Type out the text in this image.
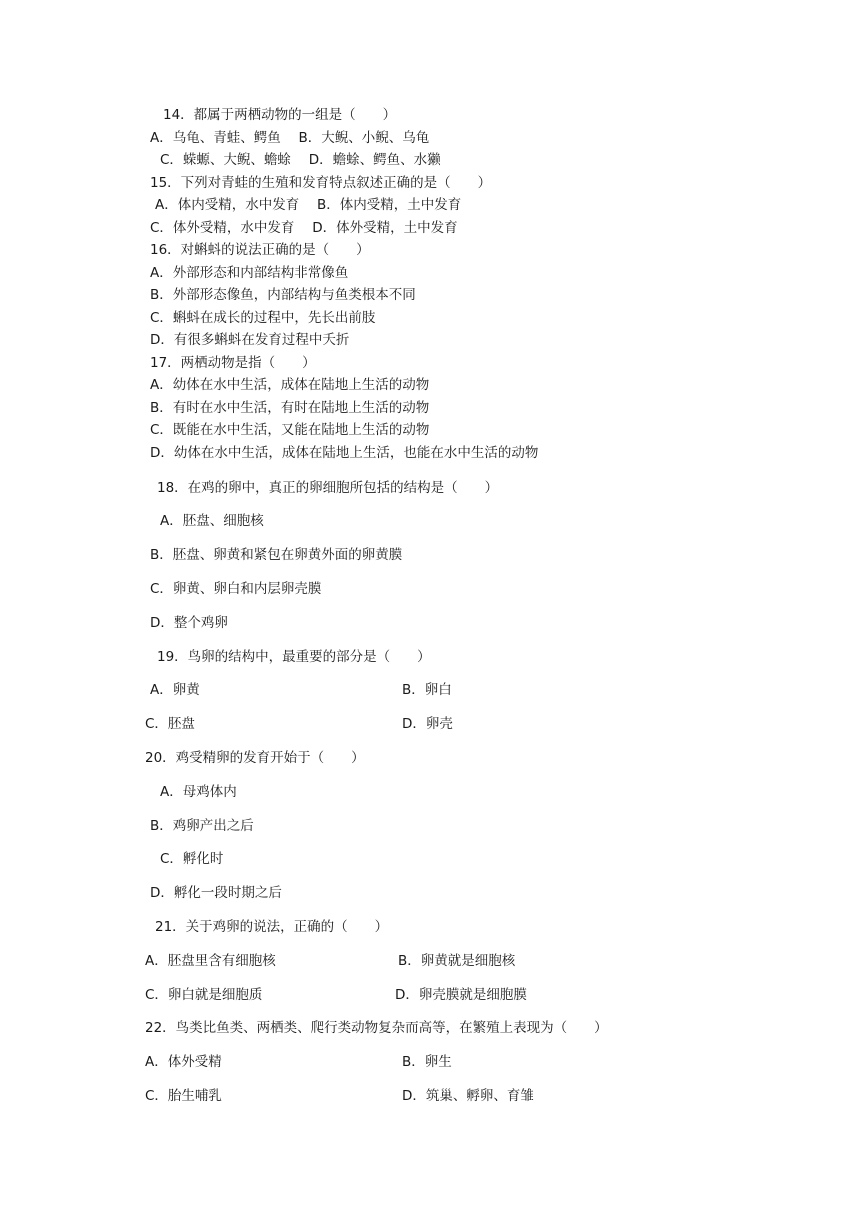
14．都属于两栖动物的一组是（　　）
A．乌龟、青蛙、鳄鱼　 B．大鲵、小鲵、乌龟
C．蝾螈、大鲵、蟾蜍　 D．蟾蜍、鳄鱼、水獭
15．下列对青蛙的生殖和发育特点叙述正确的是（　　）
A．体内受精，水中发育　 B．体内受精，土中发育
C．体外受精，水中发育　 D．体外受精，土中发育
16．对蝌蚪的说法正确的是（　　）
A．外部形态和内部结构非常像鱼
B．外部形态像鱼，内部结构与鱼类根本不同
C．蝌蚪在成长的过程中，先长出前肢
D．有很多蝌蚪在发育过程中夭折
17．两栖动物是指（　　）
A．幼体在水中生活，成体在陆地上生活的动物
B．有时在水中生活，有时在陆地上生活的动物
C．既能在水中生活，又能在陆地上生活的动物
D．幼体在水中生活，成体在陆地上生活，也能在水中生活的动物
18．在鸡的卵中，真正的卵细胞所包括的结构是（　　）
A．胚盘、细胞核
B．胚盘、卵黄和紧包在卵黄外面的卵黄膜
C．卵黄、卵白和内层卵壳膜
D．整个鸡卵
19．鸟卵的结构中，最重要的部分是（　　）
A．卵黄	B．卵白
C．胚盘	D．卵壳
20．鸡受精卵的发育开始于（　　）
A．母鸡体内
B．鸡卵产出之后
C．孵化时
D．孵化一段时期之后
21．关于鸡卵的说法，正确的（　　）
A．胚盘里含有细胞核	B．卵黄就是细胞核
C．卵白就是细胞质	D．卵壳膜就是细胞膜
22．鸟类比鱼类、两栖类、爬行类动物复杂而高等，在繁殖上表现为（　　）
A．体外受精	B．卵生
C．胎生哺乳	D．筑巢、孵卵、育雏
